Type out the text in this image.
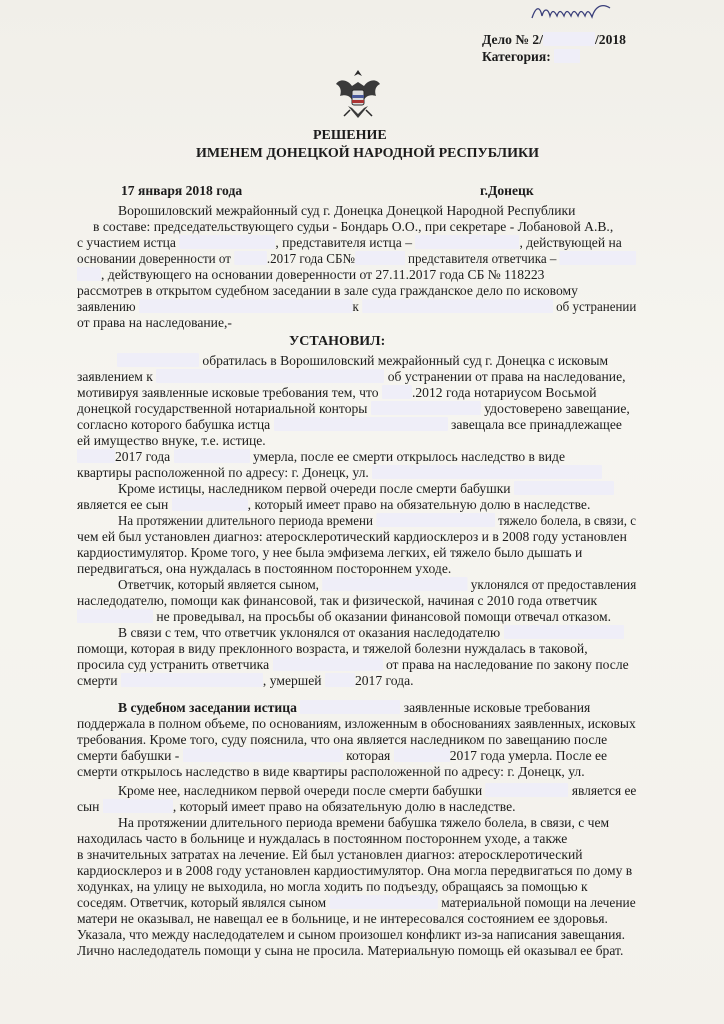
Дело № 2/	/2018
Категория:
РЕШЕНИЕ
ИМЕНЕМ ДОНЕЦКОЙ НАРОДНОЙ РЕСПУБЛИКИ
17 января 2018 года	г.Донецк
Ворошиловский межрайонный суд г. Донецка Донецкой Народной Республики
в составе: председательствующего судьи - Бондарь О.О., при секретаре - Лобановой А.В.,
с участием истца	, представителя истца –	, действующей на
основании доверенности от	.2017 года СБ№	представителя ответчика –
, действующего на основании доверенности от 27.11.2017 года СБ № 118223
рассмотрев в открытом судебном заседании в зале суда гражданское дело по исковому
заявлению	к	об устранении
от права на наследование,-
УСТАНОВИЛ:
обратилась в Ворошиловский межрайонный суд г. Донецка с исковым
заявлением к	об устранении от права на наследование,
мотивируя заявленные исковые требования тем, что .2012 года нотариусом Восьмой
донецкой государственной нотариальной конторы	удостоверено завещание,
согласно которого бабушка истца	завещала все принадлежащее
ей имущество внуке, т.е. истице.
2017 года	умерла, после ее смерти открылось наследство в виде
квартиры расположенной по адресу: г. Донецк, ул.
Кроме истицы, наследником первой очереди после смерти бабушки
является ее сын	, который имеет право на обязательную долю в наследстве.
На протяжении длительного периода времени	тяжело болела, в связи, с
чем ей был установлен диагноз: атеросклеротический кардиосклероз и в 2008 году установлен
кардиостимулятор. Кроме того, у нее была эмфизема легких, ей тяжело было дышать и
передвигаться, она нуждалась в постоянном постороннем уходе.
Ответчик, который является сыном,	уклонялся от предоставления
наследодателю, помощи как финансовой, так и физической, начиная с 2010 года ответчик
не проведывал, на просьбы об оказании финансовой помощи отвечал отказом.
В связи с тем, что ответчик уклонялся от оказания наследодателю
помощи, которая в виду преклонного возраста, и тяжелой болезни нуждалась в таковой,
просила суд устранить ответчика	от права на наследование по закону после
смерти	, умершей 2017 года.
В судебном заседании истица	заявленные исковые требования
поддержала в полном объеме, по основаниям, изложенным в обоснованиях заявленных, исковых
требования. Кроме того, суду пояснила, что она является наследником по завещанию после
смерти бабушки -	которая	2017 года умерла. После ее
смерти открылось наследство в виде квартиры расположенной по адресу: г. Донецк, ул.
Кроме нее, наследником первой очереди после смерти бабушки	является ее
сын	, который имеет право на обязательную долю в наследстве.
На протяжении длительного периода времени бабушка тяжело болела, в связи, с чем
находилась часто в больнице и нуждалась в постоянном постороннем уходе, а также
в значительных затратах на лечение. Ей был установлен диагноз: атеросклеротический
кардиосклероз и в 2008 году установлен кардиостимулятор. Она могла передвигаться по дому в
ходунках, на улицу не выходила, но могла ходить по подъезду, обращаясь за помощью к
соседям. Ответчик, который являлся сыном	материальной помощи на лечение
матери не оказывал, не навещал ее в больнице, и не интересовался состоянием ее здоровья.
Указала, что между наследодателем и сыном произошел конфликт из-за написания завещания.
Лично наследодатель помощи у сына не просила. Материальную помощь ей оказывал ее брат.
